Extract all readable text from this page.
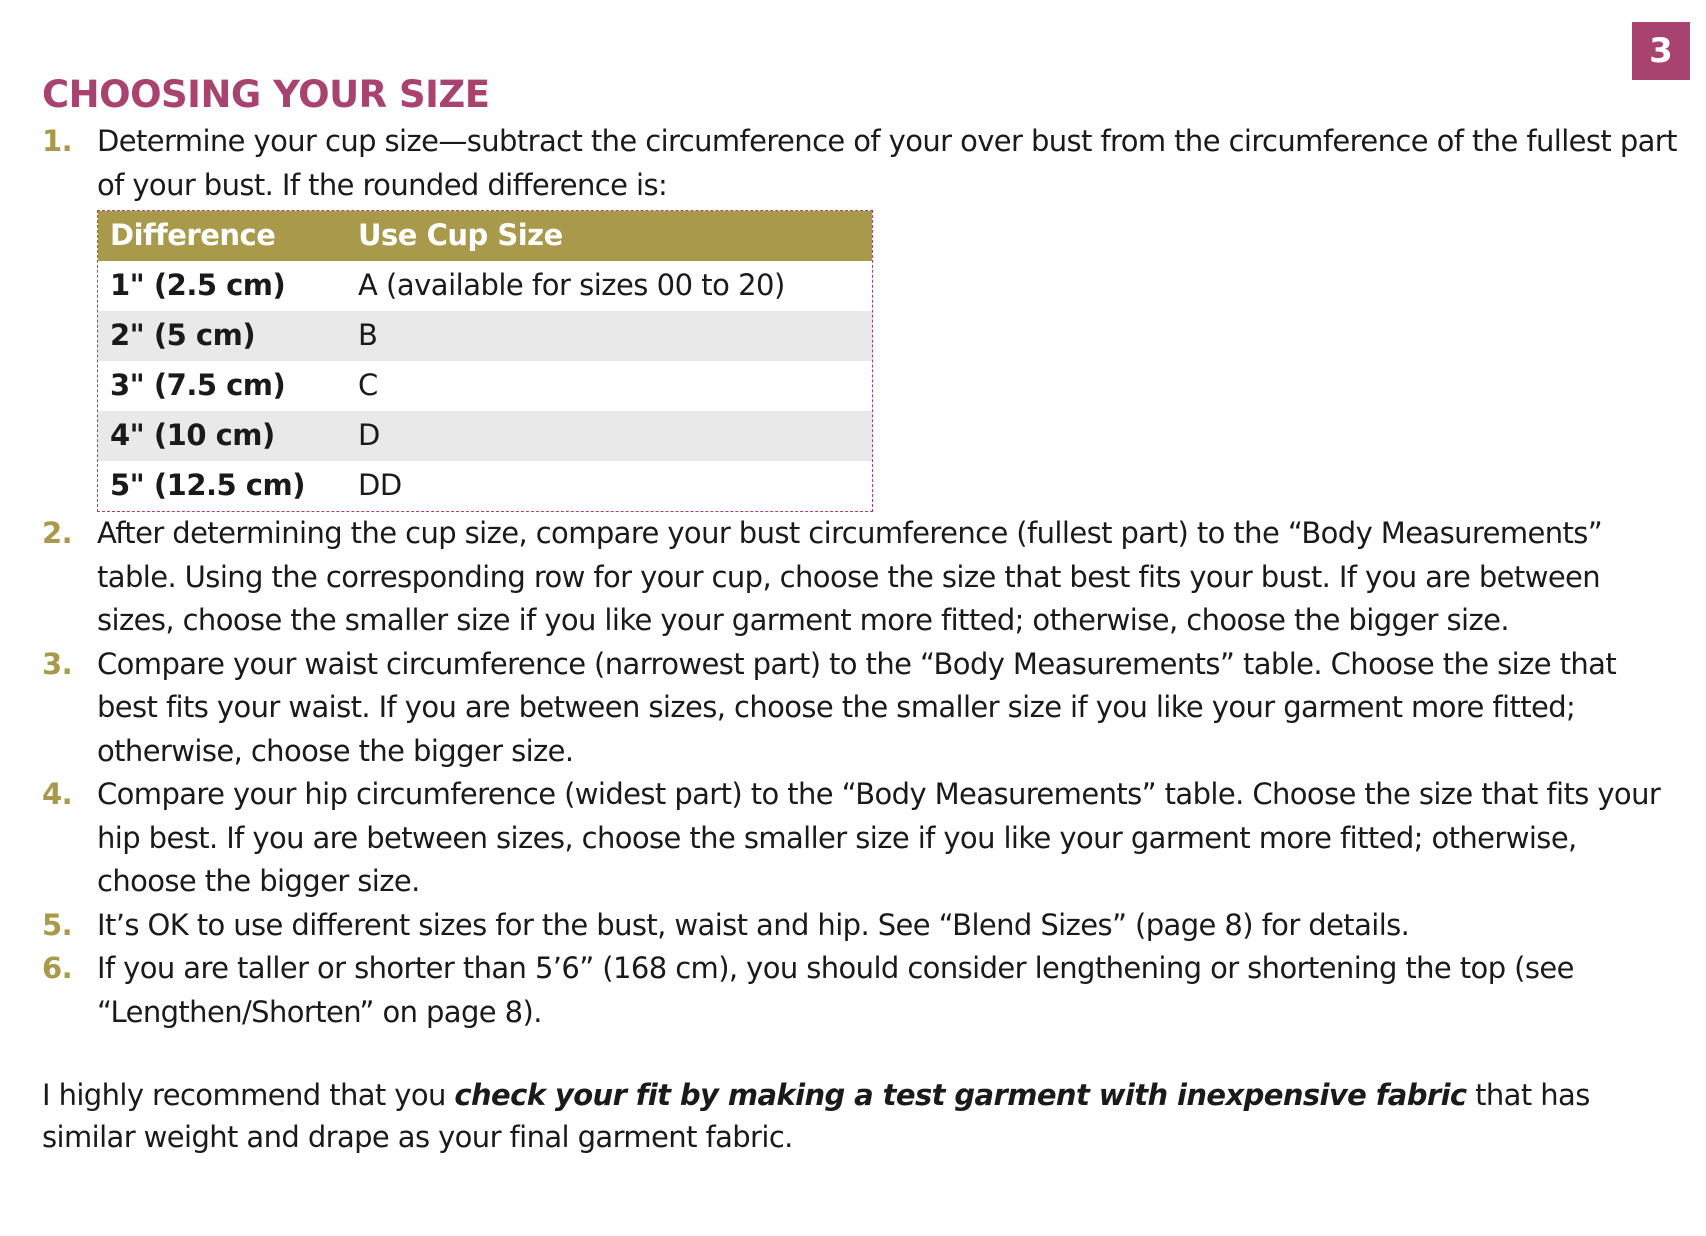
3
CHOOSING YOUR SIZE
1. Determine your cup size—subtract the circumference of your over bust from the circumference of the fullest part of your bust. If the rounded difference is:
Difference	Use Cup Size
1" (2.5 cm)	A (available for sizes 00 to 20)
2" (5 cm)	B
3" (7.5 cm)	C
4" (10 cm)	D
5" (12.5 cm)	DD
2. After determining the cup size, compare your bust circumference (fullest part) to the “Body Measurements” table. Using the corresponding row for your cup, choose the size that best fits your bust. If you are between sizes, choose the smaller size if you like your garment more fitted; otherwise, choose the bigger size.
3. Compare your waist circumference (narrowest part) to the “Body Measurements” table. Choose the size that best fits your waist. If you are between sizes, choose the smaller size if you like your garment more fitted; otherwise, choose the bigger size.
4. Compare your hip circumference (widest part) to the “Body Measurements” table. Choose the size that fits your hip best. If you are between sizes, choose the smaller size if you like your garment more fitted; otherwise, choose the bigger size.
5. It’s OK to use different sizes for the bust, waist and hip. See “Blend Sizes” (page 8) for details.
6. If you are taller or shorter than 5’6” (168 cm), you should consider lengthening or shortening the top (see “Lengthen/Shorten” on page 8).

I highly recommend that you check your fit by making a test garment with inexpensive fabric that has similar weight and drape as your final garment fabric.
